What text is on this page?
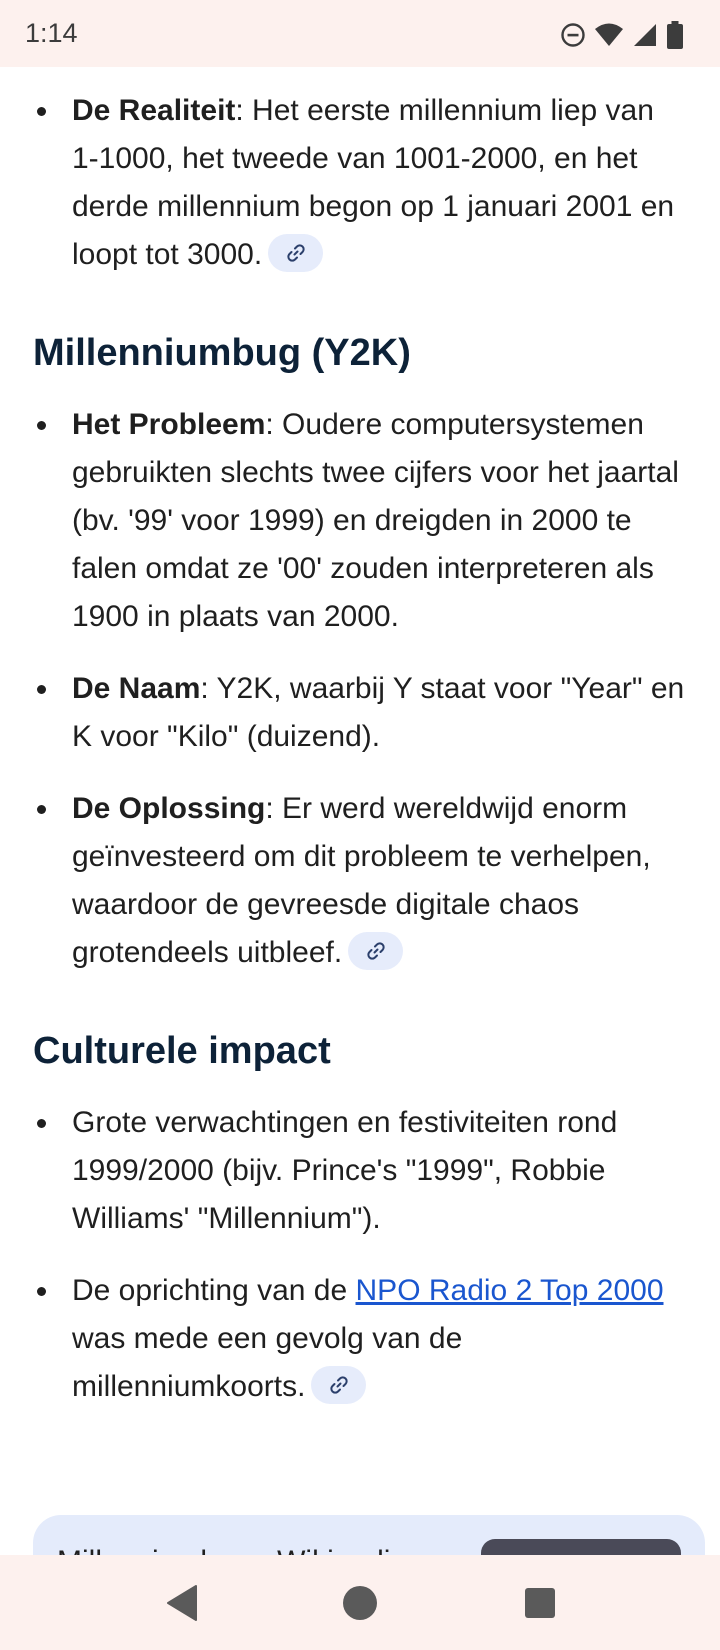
1:14
De Realiteit: Het eerste millennium liep van 1-1000, het tweede van 1001-2000, en het derde millennium begon op 1 januari 2001 en loopt tot 3000.
Millenniumbug (Y2K)
Het Probleem: Oudere computersystemen gebruikten slechts twee cijfers voor het jaartal (bv. '99' voor 1999) en dreigden in 2000 te falen omdat ze '00' zouden interpreteren als 1900 in plaats van 2000.
De Naam: Y2K, waarbij Y staat voor "Year" en K voor "Kilo" (duizend).
De Oplossing: Er werd wereldwijd enorm geïnvesteerd om dit probleem te verhelpen, waardoor de gevreesde digitale chaos grotendeels uitbleef.
Culturele impact
Grote verwachtingen en festiviteiten rond 1999/2000 (bijv. Prince's "1999", Robbie Williams' "Millennium").
De oprichting van de NPO Radio 2 Top 2000 was mede een gevolg van de millenniumkoorts.
